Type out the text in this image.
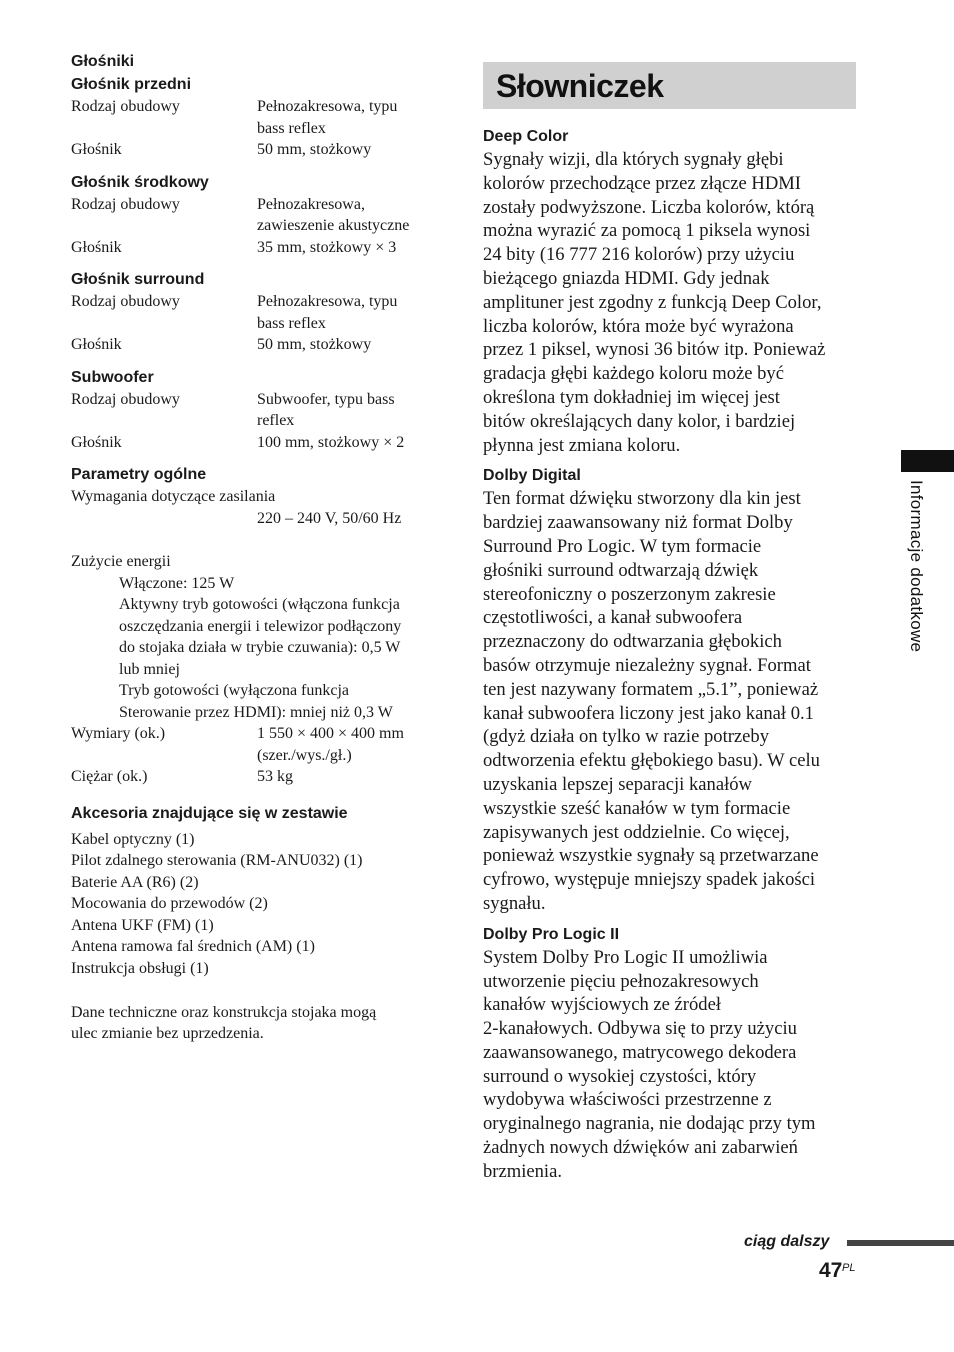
Głośniki
Głośnik przedni
Rodzaj obudowy	Pełnozakresowa, typu
bass reflex
Głośnik	50 mm, stożkowy
Głośnik środkowy
Rodzaj obudowy	Pełnozakresowa,
zawieszenie akustyczne
Głośnik	35 mm, stożkowy × 3
Głośnik surround
Rodzaj obudowy	Pełnozakresowa, typu
bass reflex
Głośnik	50 mm, stożkowy
Subwoofer
Rodzaj obudowy	Subwoofer, typu bass
reflex
Głośnik	100 mm, stożkowy × 2
Parametry ogólne
Wymagania dotyczące zasilania
220 – 240 V, 50/60 Hz
Zużycie energii
Włączone: 125 W
Aktywny tryb gotowości (włączona funkcja
oszczędzania energii i telewizor podłączony
do stojaka działa w trybie czuwania): 0,5 W
lub mniej
Tryb gotowości (wyłączona funkcja
Sterowanie przez HDMI): mniej niż 0,3 W
Wymiary (ok.)	1 550 × 400 × 400 mm
(szer./wys./gł.)
Ciężar (ok.)	53 kg
Akcesoria znajdujące się w zestawie
Kabel optyczny (1)
Pilot zdalnego sterowania (RM-ANU032) (1)
Baterie AA (R6) (2)
Mocowania do przewodów (2)
Antena UKF (FM) (1)
Antena ramowa fal średnich (AM) (1)
Instrukcja obsługi (1)
Dane techniczne oraz konstrukcja stojaka mogą
ulec zmianie bez uprzedzenia.
Słowniczek
Deep Color
Sygnały wizji, dla których sygnały głębi
kolorów przechodzące przez złącze HDMI
zostały podwyższone. Liczba kolorów, którą
można wyrazić za pomocą 1 piksela wynosi
24 bity (16 777 216 kolorów) przy użyciu
bieżącego gniazda HDMI. Gdy jednak
amplituner jest zgodny z funkcją Deep Color,
liczba kolorów, która może być wyrażona
przez 1 piksel, wynosi 36 bitów itp. Ponieważ
gradacja głębi każdego koloru może być
określona tym dokładniej im więcej jest
bitów określających dany kolor, i bardziej
płynna jest zmiana koloru.
Dolby Digital
Ten format dźwięku stworzony dla kin jest
bardziej zaawansowany niż format Dolby
Surround Pro Logic. W tym formacie
głośniki surround odtwarzają dźwięk
stereofoniczny o poszerzonym zakresie
częstotliwości, a kanał subwoofera
przeznaczony do odtwarzania głębokich
basów otrzymuje niezależny sygnał. Format
ten jest nazywany formatem „5.1”, ponieważ
kanał subwoofera liczony jest jako kanał 0.1
(gdyż działa on tylko w razie potrzeby
odtworzenia efektu głębokiego basu). W celu
uzyskania lepszej separacji kanałów
wszystkie sześć kanałów w tym formacie
zapisywanych jest oddzielnie. Co więcej,
ponieważ wszystkie sygnały są przetwarzane
cyfrowo, występuje mniejszy spadek jakości
sygnału.
Dolby Pro Logic II
System Dolby Pro Logic II umożliwia
utworzenie pięciu pełnozakresowych
kanałów wyjściowych ze źródeł
2-kanałowych. Odbywa się to przy użyciu
zaawansowanego, matrycowego dekodera
surround o wysokiej czystości, który
wydobywa właściwości przestrzenne z
oryginalnego nagrania, nie dodając przy tym
żadnych nowych dźwięków ani zabarwień
brzmienia.
Informacje dodatkowe
ciąg dalszy
47 PL
